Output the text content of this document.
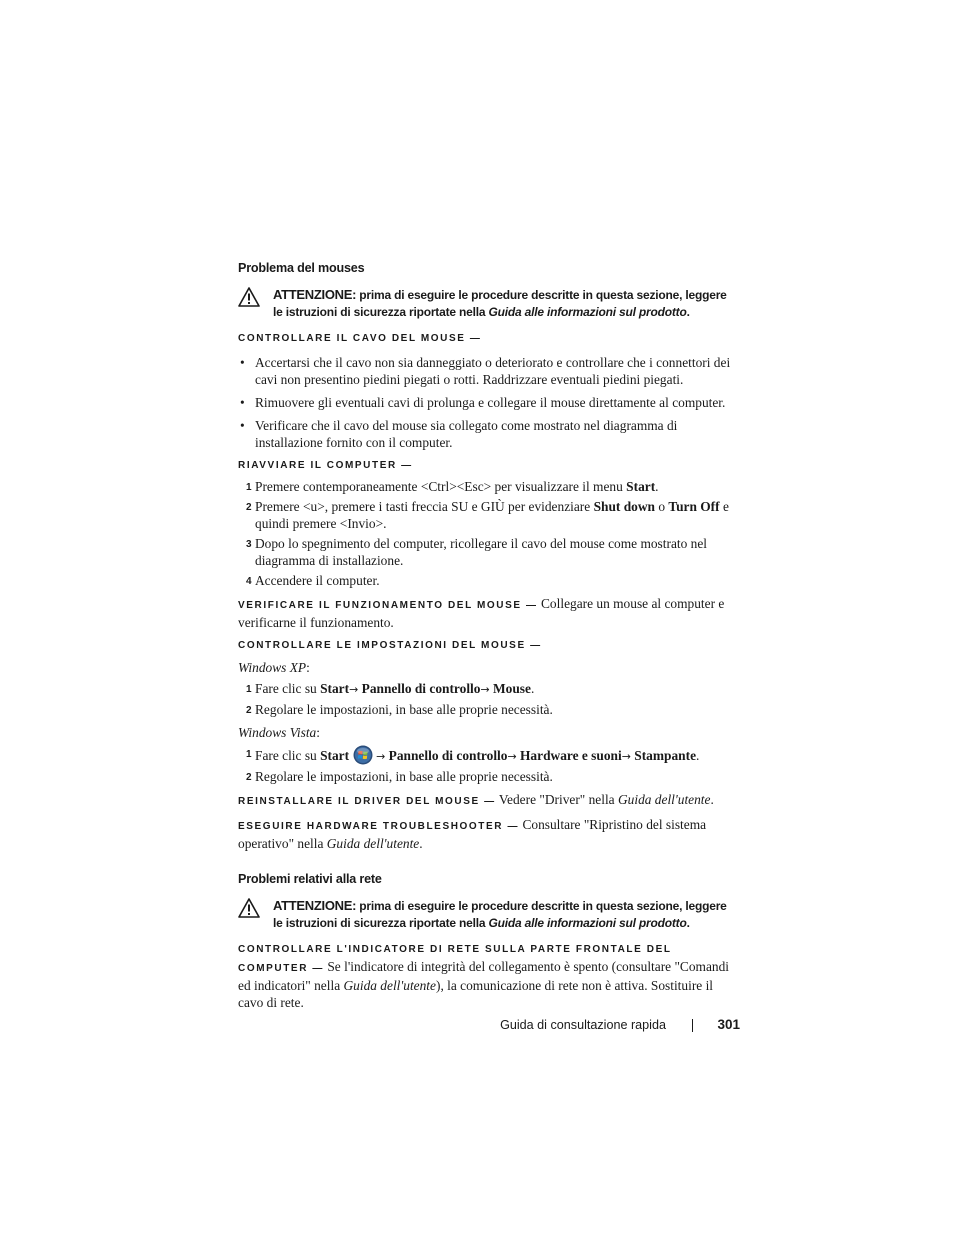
Problema del mouses
ATTENZIONE: prima di eseguire le procedure descritte in questa sezione, leggere le istruzioni di sicurezza riportate nella Guida alle informazioni sul prodotto.
CONTROLLARE IL CAVO DEL MOUSE —
• Accertarsi che il cavo non sia danneggiato o deteriorato e controllare che i connettori dei cavi non presentino piedini piegati o rotti. Raddrizzare eventuali piedini piegati.
• Rimuovere gli eventuali cavi di prolunga e collegare il mouse direttamente al computer.
• Verificare che il cavo del mouse sia collegato come mostrato nel diagramma di installazione fornito con il computer.
RIAVVIARE IL COMPUTER —
1 Premere contemporaneamente <Ctrl><Esc> per visualizzare il menu Start.
2 Premere <u>, premere i tasti freccia SU e GIÙ per evidenziare Shut down o Turn Off e quindi premere <Invio>.
3 Dopo lo spegnimento del computer, ricollegare il cavo del mouse come mostrato nel diagramma di installazione.
4 Accendere il computer.
VERIFICARE IL FUNZIONAMENTO DEL MOUSE — Collegare un mouse al computer e verificarne il funzionamento.
CONTROLLARE LE IMPOSTAZIONI DEL MOUSE —
Windows XP:
1 Fare clic su Start→ Pannello di controllo→ Mouse.
2 Regolare le impostazioni, in base alle proprie necessità.
Windows Vista:
1 Fare clic su Start → Pannello di controllo→ Hardware e suoni→ Stampante.
2 Regolare le impostazioni, in base alle proprie necessità.
REINSTALLARE IL DRIVER DEL MOUSE — Vedere "Driver" nella Guida dell'utente.
ESEGUIRE HARDWARE TROUBLESHOOTER — Consultare "Ripristino del sistema operativo" nella Guida dell'utente.
Problemi relativi alla rete
ATTENZIONE: prima di eseguire le procedure descritte in questa sezione, leggere le istruzioni di sicurezza riportate nella Guida alle informazioni sul prodotto.
CONTROLLARE L'INDICATORE DI RETE SULLA PARTE FRONTALE DEL COMPUTER — Se l'indicatore di integrità del collegamento è spento (consultare "Comandi ed indicatori" nella Guida dell'utente), la comunicazione di rete non è attiva. Sostituire il cavo di rete.
Guida di consultazione rapida	301
